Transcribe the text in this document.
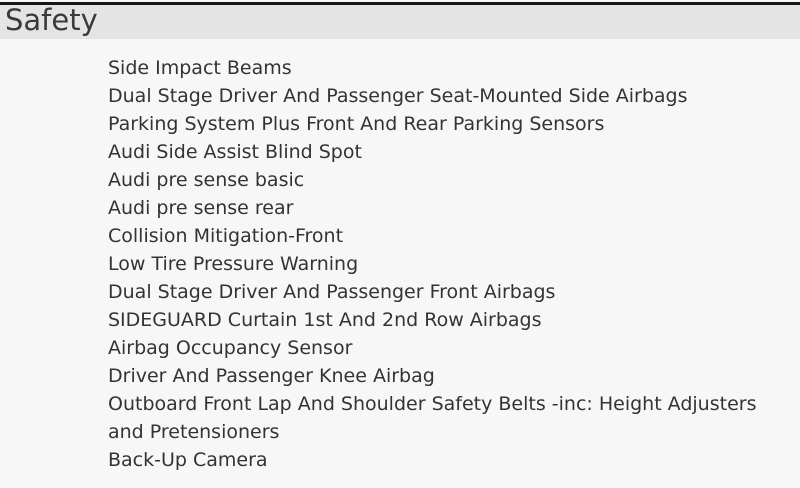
Safety
Side Impact Beams
Dual Stage Driver And Passenger Seat-Mounted Side Airbags
Parking System Plus Front And Rear Parking Sensors
Audi Side Assist Blind Spot
Audi pre sense basic
Audi pre sense rear
Collision Mitigation-Front
Low Tire Pressure Warning
Dual Stage Driver And Passenger Front Airbags
SIDEGUARD Curtain 1st And 2nd Row Airbags
Airbag Occupancy Sensor
Driver And Passenger Knee Airbag
Outboard Front Lap And Shoulder Safety Belts -inc: Height Adjusters and Pretensioners
Back-Up Camera
